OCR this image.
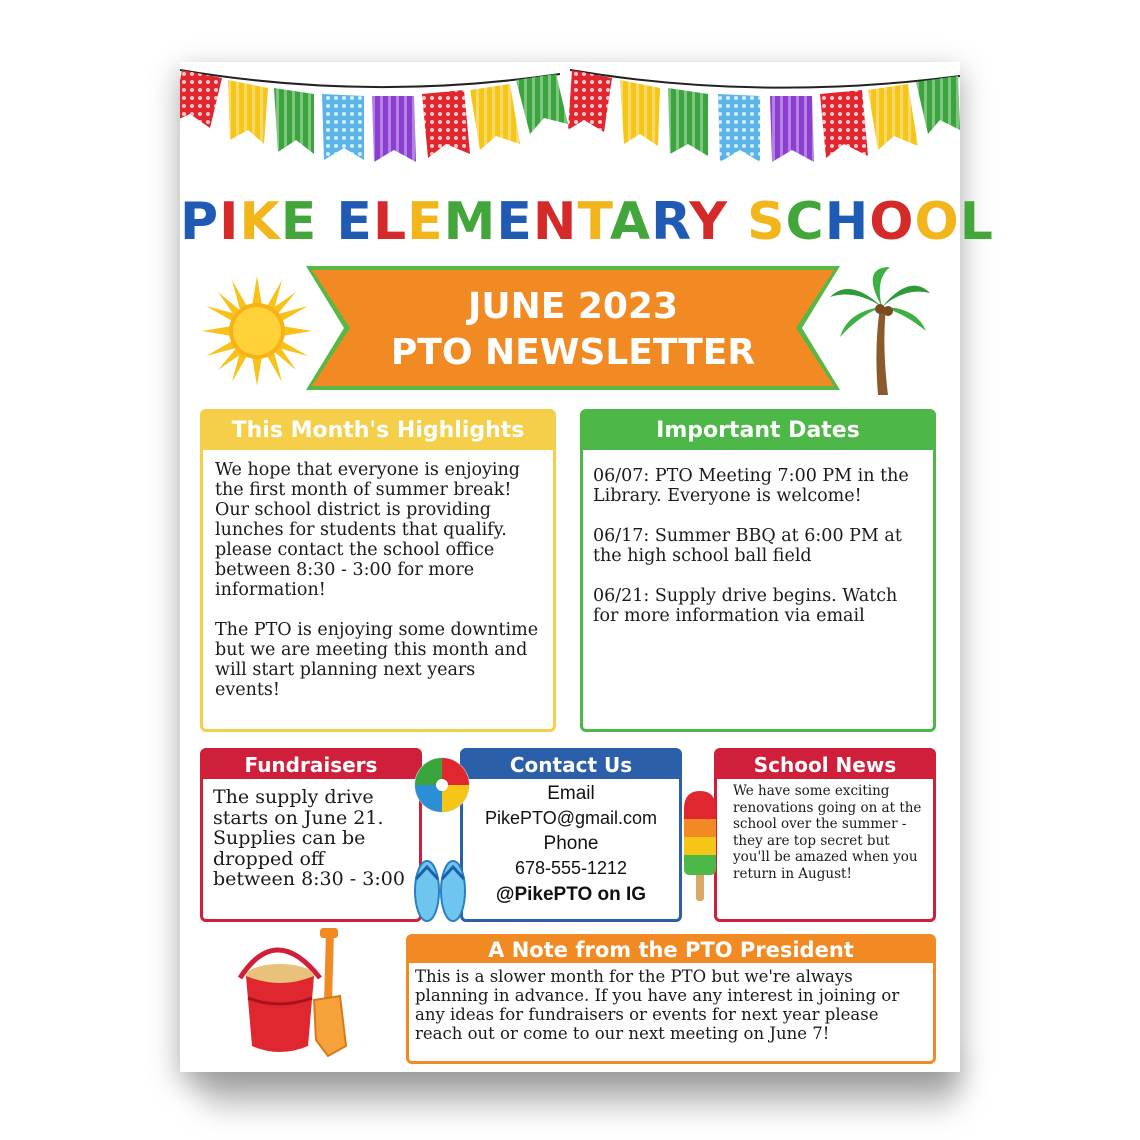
PIKE ELEMENTARY SCHOOL
JUNE 2023
PTO NEWSLETTER
This Month's Highlights

We hope that everyone is enjoying the first month of summer break! Our school district is providing lunches for students that qualify. please contact the school office between 8:30 - 3:00 for more information!

The PTO is enjoying some downtime but we are meeting this month and will start planning next years events!

Important Dates

06/07: PTO Meeting 7:00 PM in the Library. Everyone is welcome!

06/17: Summer BBQ at 6:00 PM at the high school ball field

06/21: Supply drive begins. Watch for more information via email

Fundraisers
The supply drive starts on June 21. Supplies can be dropped off between 8:30 - 3:00
Contact Us
Email
PikePTO@gmail.com
Phone
678-555-1212
@PikePTO on IG
School News
We have some exciting renovations going on at the school over the summer - they are top secret but you'll be amazed when you return in August!
A Note from the PTO President
This is a slower month for the PTO but we're always planning in advance. If you have any interest in joining or any ideas for fundraisers or events for next year please reach out or come to our next meeting on June 7!
